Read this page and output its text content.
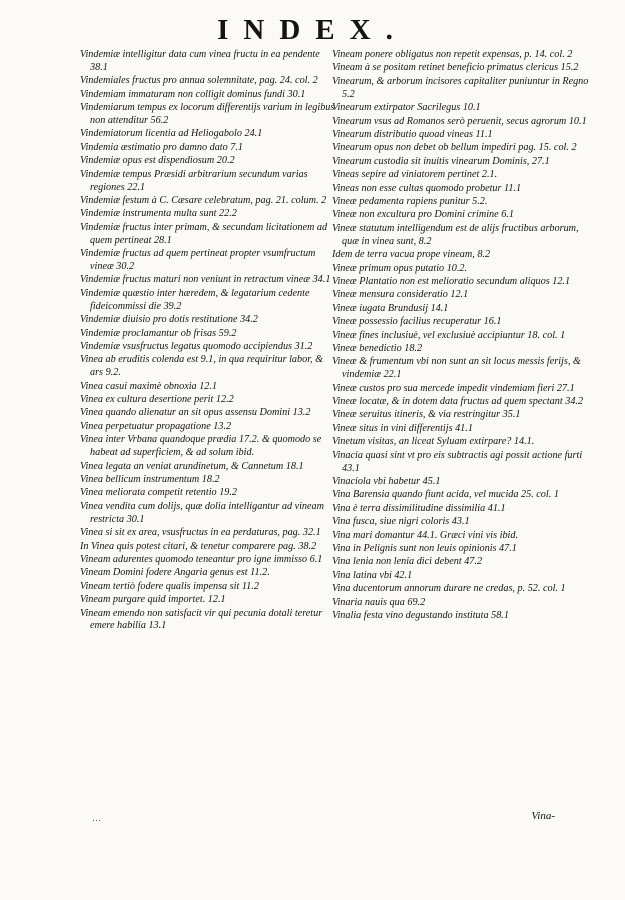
INDEX.
Vindemiæ intelligitur data cum vinea fructu in ea pendente 38.1
Vindemiales fructus pro annua solemnitate, pag. 24. col. 2
Vindemiam immaturam non colligit dominus fundi 30.1
Vindemiarum tempus ex locorum differentijs varium in legibus non attenditur 56.2
Vindemiatorum licentia ad Heliogabolo 24.1
Vindemia æstimatio pro damno dato 7.1
Vindemiæ opus est dispendiosum 20.2
Vindemiæ tempus Præsidi arbitrarium secundum varias regiones 22.1
Vindemiæ festum à C. Cæsare celebratum, pag. 21. colum. 2
Vindemiæ instrumenta multa sunt 22.2
Vindemiæ fructus inter primam, & secundam licitationem ad quem pertineat 28.1
Vindemiæ fructus ad quem pertineat propter vsumfructum vineæ 30.2
Vindemiæ fructus maturi non veniunt in retractum vineæ 34.1
Vindemiæ quæstio inter hæredem, & legatarium cedente fideicommissi die 39.2
Vindemiæ diuisio pro dotis restitutione 34.2
Vindemiæ proclamantur ob frisas 59.2
Vindemiæ vsusfructus legatus quomodo accipiendus 31.2
Vinea ab eruditis colenda est 9.1, in qua requiritur labor, & ars 9.2.
Vinea casui maximè obnoxia 12.1
Vinea ex cultura desertione perit 12.2
Vinea quando alienatur an sit opus assensu Domini 13.2
Vinea perpetuatur propagatione 13.2
Vinea inter Vrbana quandoque prædia 17.2. & quomodo se habeat ad superficiem, & ad solum ibid.
Vinea legata an veniat arundinetum, & Cannetum 18.1
Vinea bellicum instrumentum 18.2
Vinea meliorata competit retentio 19.2
Vinea vendita cum dolijs, quæ dolia intelligantur ad vineam restricta 30.1
Vinea si sit ex area, vsusfructus in ea perdaturas, pag. 32.1
In Vinea quis potest citari, & tenetur comparere pag. 38.2
Vineam adurentes quomodo teneantur pro igne immisso 6.1
Vineam Domini fodere Angaria genus est 11.2.
Vineam tertiò fodere qualis impensa sit 11.2
Vineam purgare quid importet. 12.1
Vineam emendo non satisfacit vir qui pecunia dotali teretur emere habilia 13.1
Vineam ponere obligatus non repetit expensas, p. 14. col. 2
Vineam à se positam retinet beneficio primatus clericus 15.2
Vinearum, & arborum incisores capitaliter puniuntur in Regno 5.2
Vinearum extirpator Sacrilegus 10.1
Vinearum vsus ad Romanos serò peruenit, secus agrorum 10.1
Vinearum distributio quoad vineas 11.1
Vinearum opus non debet ob bellum impediri pag. 15. col. 2
Vinearum custodia sit inuitis vinearum Dominis, 27.1
Vineas sepire ad viniatorem pertinet 2.1.
Vineas non esse cultas quomodo probetur 11.1
Vineæ pedamenta rapiens punitur 5.2.
Vineæ non excultura pro Domini crimine 6.1
Vineæ statutum intelligendum est de alijs fructibus arborum, quæ in vinea sunt, 8.2
Idem de terra vacua prope vineam, 8.2
Vineæ primum opus putatio 10.2.
Vineæ Plantatio non est melioratio secundum aliquos 12.1
Vineæ mensura consideratio 12.1
Vineæ iugata Brundusij 14.1
Vineæ possessio facilius recuperatur 16.1
Vineæ fines inclusiuè, vel exclusiuè accipiuntur 18. col. 1
Vineæ benedictio 18.2
Vineæ & frumentum vbi non sunt an sit locus messis ferijs, & vindemiæ 22.1
Vineæ custos pro sua mercede impedit vindemiam fieri 27.1
Vineæ locatæ, & in dotem data fructus ad quem spectant 34.2
Vineæ seruitus itineris, & via restringitur 35.1
Vineæ situs in vini differentijs 41.1
Vinetum visitas, an liceat Syluam extirpare? 14.1.
Vinacia quasi sint vt pro eis subtractis agi possit actione furti 43.1
Vinaciola vbi habetur 45.1
Vina Barensia quando fiunt acida, vel mucida 25. col. 1
Vina è terra dissimilitudine dissimilia 41.1
Vina fusca, siue nigri coloris 43.1
Vina mari domantur 44.1. Græci vini vis ibid.
Vina in Pelignis sunt non leuis opinionis 47.1
Vina lenia non lenia dici debent 47.2
Vina latina vbi 42.1
Vina ducentorum annorum durare ne credas, p. 52. col. 1
Vinaria nauis qua 69.2
Vinalia festa vino degustando instituta 58.1
…	Vina-
